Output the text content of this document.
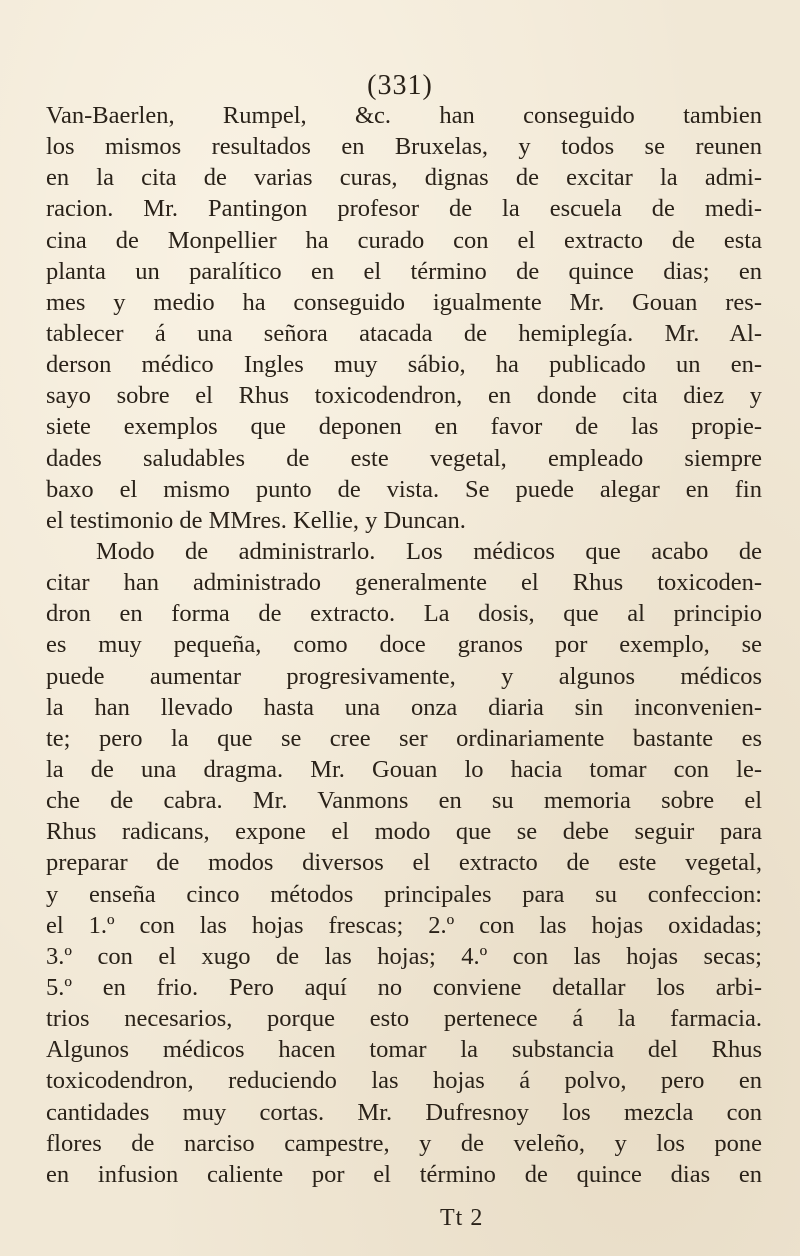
(331)
Van-Baerlen, Rumpel, &c. han conseguido tambien
los mismos resultados en Bruxelas, y todos se reunen
en la cita de varias curas, dignas de excitar la admi-
racion. Mr. Pantingon profesor de la escuela de medi-
cina de Monpellier ha curado con el extracto de esta
planta un paralítico en el término de quince dias; en
mes y medio ha conseguido igualmente Mr. Gouan res-
tablecer á una señora atacada de hemiplegía. Mr. Al-
derson médico Ingles muy sábio, ha publicado un en-
sayo sobre el Rhus toxicodendron, en donde cita diez y
siete exemplos que deponen en favor de las propie-
dades saludables de este vegetal, empleado siempre
baxo el mismo punto de vista. Se puede alegar en fin
el testimonio de MMres. Kellie, y Duncan.
Modo de administrarlo. Los médicos que acabo de
citar han administrado generalmente el Rhus toxicoden-
dron en forma de extracto. La dosis, que al principio
es muy pequeña, como doce granos por exemplo, se
puede aumentar progresivamente, y algunos médicos
la han llevado hasta una onza diaria sin inconvenien-
te; pero la que se cree ser ordinariamente bastante es
la de una dragma. Mr. Gouan lo hacia tomar con le-
che de cabra. Mr. Vanmons en su memoria sobre el
Rhus radicans, expone el modo que se debe seguir para
preparar de modos diversos el extracto de este vegetal,
y enseña cinco métodos principales para su confeccion:
el 1.º con las hojas frescas; 2.º con las hojas oxidadas;
3.º con el xugo de las hojas; 4.º con las hojas secas;
5.º en frio. Pero aquí no conviene detallar los arbi-
trios necesarios, porque esto pertenece á la farmacia.
Algunos médicos hacen tomar la substancia del Rhus
toxicodendron, reduciendo las hojas á polvo, pero en
cantidades muy cortas. Mr. Dufresnoy los mezcla con
flores de narciso campestre, y de veleño, y los pone
en infusion caliente por el término de quince dias en
Tt 2
